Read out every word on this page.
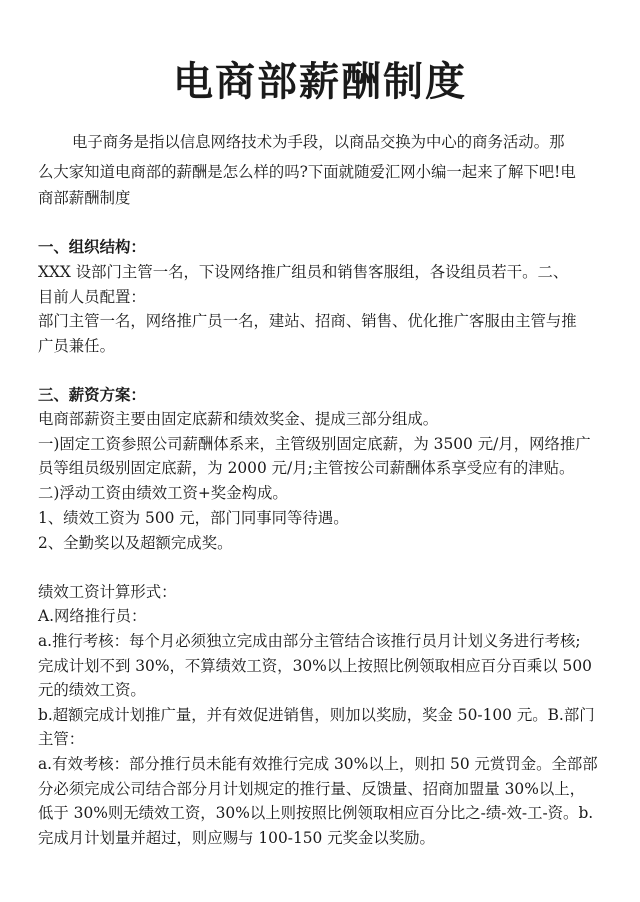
电商部薪酬制度

电子商务是指以信息网络技术为手段，以商品交换为中心的商务活动。那

么大家知道电商部的薪酬是怎么样的吗?下面就随爱汇网小编一起来了解下吧!电

商部薪酬制度

一、组织结构：

XXX 设部门主管一名，下设网络推广组员和销售客服组，各设组员若干。二、

目前人员配置：

部门主管一名，网络推广员一名，建站、招商、销售、优化推广客服由主管与推

广员兼任。

三、薪资方案：

电商部薪资主要由固定底薪和绩效奖金、提成三部分组成。

一)固定工资参照公司薪酬体系来，主管级别固定底薪，为 3500 元/月，网络推广

员等组员级别固定底薪，为 2000 元/月;主管按公司薪酬体系享受应有的津贴。

二)浮动工资由绩效工资+奖金构成。

1、绩效工资为 500 元，部门同事同等待遇。

2、全勤奖以及超额完成奖。

绩效工资计算形式：

A.网络推行员：

a.推行考核：每个月必须独立完成由部分主管结合该推行员月计划义务进行考核;

完成计划不到 30%，不算绩效工资，30%以上按照比例领取相应百分百乘以 500

元的绩效工资。

b.超额完成计划推广量，并有效促进销售，则加以奖励，奖金 50-100 元。B.部门

主管：

a.有效考核：部分推行员未能有效推行完成 30%以上，则扣 50 元赏罚金。全部部

分必须完成公司结合部分月计划规定的推行量、反馈量、招商加盟量 30%以上，

低于 30%则无绩效工资，30%以上则按照比例领取相应百分比之-绩-效-工-资。b.

完成月计划量并超过，则应赐与 100-150 元奖金以奖励。
